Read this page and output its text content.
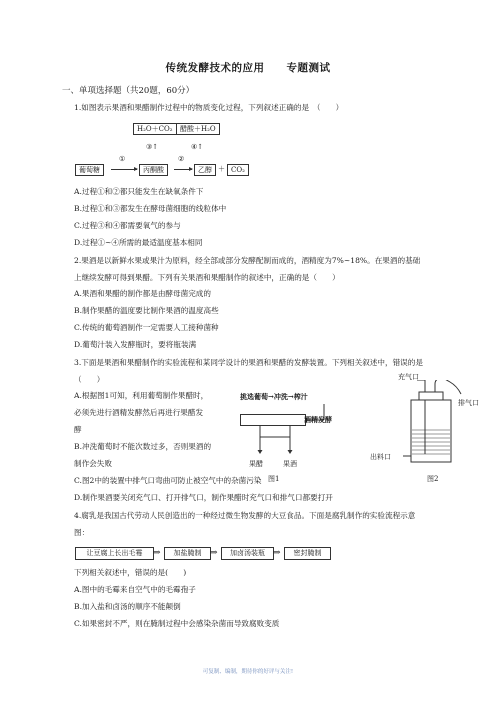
传统发酵技术的应用 专题测试
一、单项选择题（共20题，60分）
1.如图表示果酒和果醋制作过程中的物质变化过程，下列叙述正确的是　（　　）
H₂O＋CO₂	醋酸＋H₂O
③↑	④↑
葡萄糖
①
丙酮酸
②
乙醇 ＋ CO₂
A.过程①和②都只能发生在缺氧条件下
B.过程①和③都发生在酵母菌细胞的线粒体中
C.过程③和④都需要氧气的参与
D.过程①~④所需的最适温度基本相同
2.果酒是以新鲜水果或果汁为原料，经全部或部分发酵配制而成的，酒精度为7%~18%。在果酒的基础上继续发酵可得到果醋。下列有关果酒和果醋制作的叙述中，正确的是（　　）
A.果酒和果醋的制作都是由酵母菌完成的
B.制作果醋的温度要比制作果酒的温度高些
C.传统的葡萄酒制作一定需要人工接种菌种
D.葡萄汁装入发酵瓶时，要将瓶装满
3.下面是果酒和果醋制作的实验流程和某同学设计的果酒和果醋的发酵装置。下列相关叙述中，错误的是（　　）
A.根据图1可知，利用葡萄制作果醋时，
必须先进行酒精发酵然后再进行果醋发
酵
B.冲洗葡萄时不能次数过多，否则果酒的
制作会失败
挑选葡萄→冲洗→榨汁
酒精发酵
果醋	果酒
图1
充气口
排气口
出料口
图2
C.图2中的装置中排气口弯曲可防止被空气中的杂菌污染
D.制作果酒要关闭充气口、打开排气口，制作果醋时充气口和排气口都要打开
4.腐乳是我国古代劳动人民创造出的一种经过微生物发酵的大豆食品。下面是腐乳制作的实验流程示意图：
让豆腐上长出毛霉	⇒	加盐腌制 ⇒	加卤汤装瓶 ⇒	密封腌制
下列相关叙述中，错误的是(　　)
A.图中的毛霉来自空气中的毛霉孢子
B.加入盐和卤汤的顺序不能颠倒
C.如果密封不严，则在腌制过程中会感染杂菌而导致腐败变质
可复制、编制，期待你的好评与关注!
